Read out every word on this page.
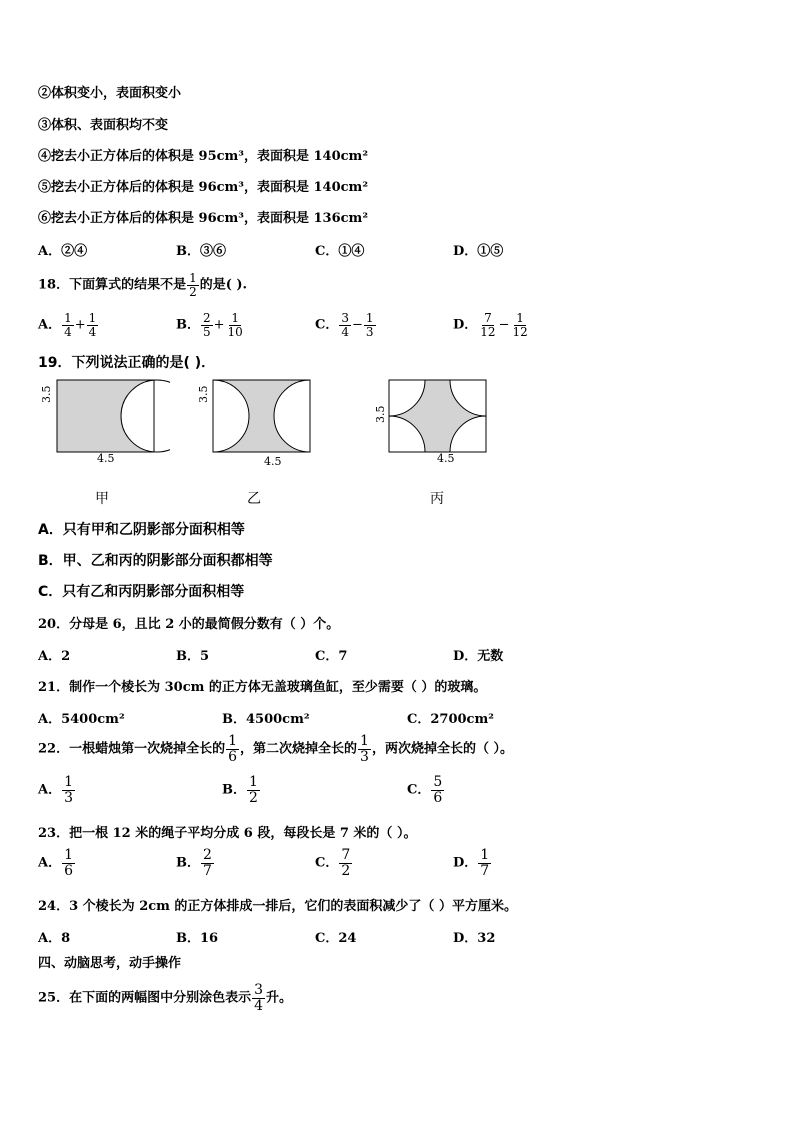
②体积变小，表面积变小
③体积、表面积均不变
④挖去小正方体后的体积是 95cm³，表面积是 140cm²
⑤挖去小正方体后的体积是 96cm³，表面积是 140cm²
⑥挖去小正方体后的体积是 96cm³，表面积是 136cm²
A．②④	B．③⑥	C．①④	D．①⑤
18．下面算式的结果不是 $\frac{1}{2}$ 的是( ).
A． $\frac{1}{4} + \frac{1}{4}$	B． $\frac{2}{5} + \frac{1}{10}$	C． $\frac{3}{4} - \frac{1}{3}$	D． $\frac{7}{12} - \frac{1}{12}$
19．下列说法正确的是( )．
3.5
4.5
3.5
4.5
3.5
4.5
甲	乙	丙
A．只有甲和乙阴影部分面积相等
B．甲、乙和丙的阴影部分面积都相等
C．只有乙和丙阴影部分面积相等
20．分母是 6，且比 2 小的最简假分数有（ ）个。
A．2	B．5	C．7	D．无数
21．制作一个棱长为 30cm 的正方体无盖玻璃鱼缸，至少需要（ ）的玻璃。
A．5400cm²	B．4500cm²	C．2700cm²
22．一根蜡烛第一次烧掉全长的 $\frac{1}{6}$ ，第二次烧掉全长的 $\frac{1}{3}$ ，两次烧掉全长的（ ）。
A． $\frac{1}{3}$	B． $\frac{1}{2}$	C． $\frac{5}{6}$
23．把一根 12 米的绳子平均分成 6 段，每段长是 7 米的（ ）。
A． $\frac{1}{6}$	B． $\frac{2}{7}$	C． $\frac{7}{2}$	D． $\frac{1}{7}$
24．3 个棱长为 2cm 的正方体排成一排后，它们的表面积减少了（ ）平方厘米。
A．8	B．16	C．24	D．32
四、动脑思考，动手操作
25．在下面的两幅图中分别涂色表示 $\frac{3}{4}$ 升。
